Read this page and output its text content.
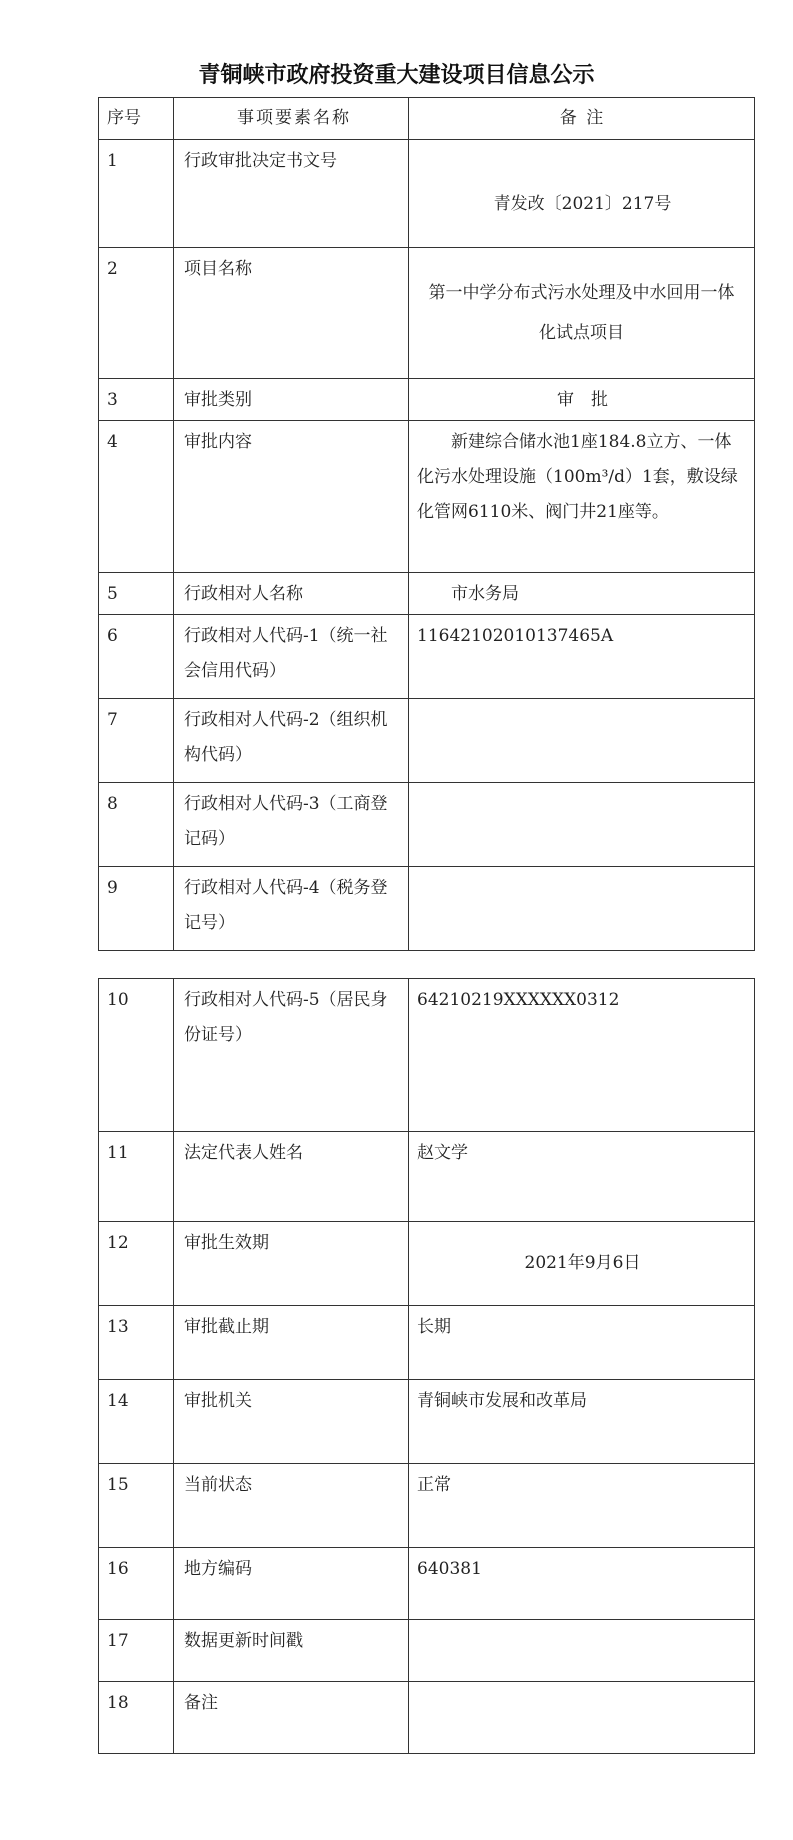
青铜峡市政府投资重大建设项目信息公示
序号	事项要素名称	备 注
1	行政审批决定书文号	青发改〔2021〕217号
2	项目名称	第一中学分布式污水处理及中水回用一体化试点项目
3	审批类别	审　批
4	审批内容	新建综合储水池1座184.8立方、一体化污水处理设施（100m³/d）1套，敷设绿化管网6110米、阀门井21座等。
5	行政相对人名称	市水务局
6	行政相对人代码-1（统一社会信用代码）	11642102010137465A
7	行政相对人代码-2（组织机构代码）	
8	行政相对人代码-3（工商登记码）	
9	行政相对人代码-4（税务登记号）	
10	行政相对人代码-5（居民身份证号）	64210219XXXXXX0312
11	法定代表人姓名	赵文学
12	审批生效期	2021年9月6日
13	审批截止期	长期
14	审批机关	青铜峡市发展和改革局
15	当前状态	正常
16	地方编码	640381
17	数据更新时间戳	
18	备注	
